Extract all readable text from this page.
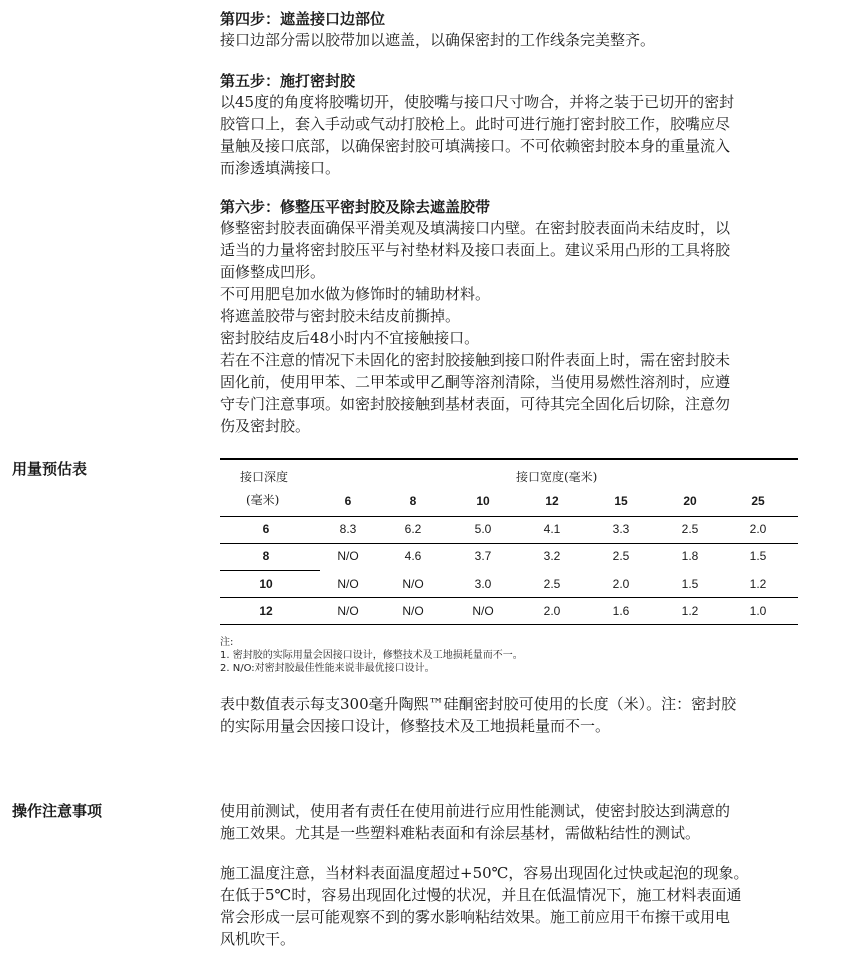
第四步：遮盖接口边部位
接口边部分需以胶带加以遮盖，以确保密封的工作线条完美整齐。
第五步：施打密封胶
以45度的角度将胶嘴切开，使胶嘴与接口尺寸吻合，并将之装于已切开的密封
胶管口上，套入手动或气动打胶枪上。此时可进行施打密封胶工作，胶嘴应尽
量触及接口底部，以确保密封胶可填满接口。不可依赖密封胶本身的重量流入
而渗透填满接口。
第六步：修整压平密封胶及除去遮盖胶带
修整密封胶表面确保平滑美观及填满接口内壁。在密封胶表面尚未结皮时，以
适当的力量将密封胶压平与衬垫材料及接口表面上。建议采用凸形的工具将胶
面修整成凹形。
不可用肥皂加水做为修饰时的辅助材料。
将遮盖胶带与密封胶未结皮前撕掉。
密封胶结皮后48小时内不宜接触接口。
若在不注意的情况下未固化的密封胶接触到接口附件表面上时，需在密封胶未
固化前，使用甲苯、二甲苯或甲乙酮等溶剂清除，当使用易燃性溶剂时，应遵
守专门注意事项。如密封胶接触到基材表面，可待其完全固化后切除，注意勿
伤及密封胶。
用量预估表	接口深度
(毫米)
接口宽度(毫米)
6	8	10	12	15	20	25
6	8.3	6.2	5.0	4.1	3.3	2.5	2.0
8	N/O	4.6	3.7	3.2	2.5	1.8	1.5
10	N/O	N/O	3.0	2.5	2.0	1.5	1.2
12	N/O	N/O	N/O	2.0	1.6	1.2	1.0
注:
1. 密封胶的实际用量会因接口设计，修整技术及工地损耗量而不一。
2. N/O:对密封胶最佳性能来说非最优接口设计。
表中数值表示每支300毫升陶熙™硅酮密封胶可使用的长度（米）。注：密封胶
的实际用量会因接口设计，修整技术及工地损耗量而不一。
操作注意事项	使用前测试，使用者有责任在使用前进行应用性能测试，使密封胶达到满意的
施工效果。尤其是一些塑料难粘表面和有涂层基材，需做粘结性的测试。
施工温度注意，当材料表面温度超过+50℃，容易出现固化过快或起泡的现象。
在低于5℃时，容易出现固化过慢的状况，并且在低温情况下，施工材料表面通
常会形成一层可能观察不到的雾水影响粘结效果。施工前应用干布擦干或用电
风机吹干。
